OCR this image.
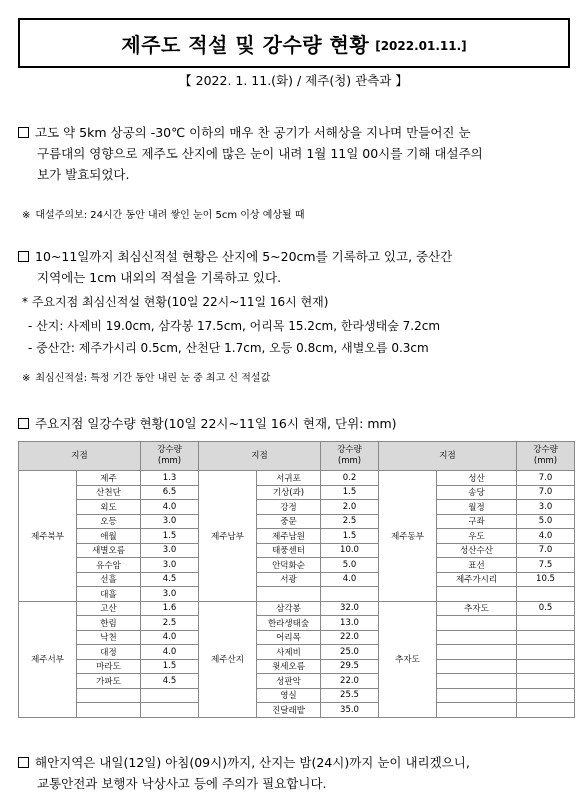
제주도 적설 및 강수량 현황 [2022.01.11.]
【 2022. 1. 11.(화) / 제주(청) 관측과 】
고도 약 5km 상공의 -30℃ 이하의 매우 찬 공기가 서해상을 지나며 만들어진 눈
구름대의 영향으로 제주도 산지에 많은 눈이 내려 1월 11일 00시를 기해 대설주의
보가 발효되었다.
※ 대설주의보: 24시간 동안 내려 쌓인 눈이 5cm 이상 예상될 때
10~11일까지 최심신적설 현황은 산지에 5~20cm를 기록하고 있고, 중산간
지역에는 1cm 내외의 적설을 기록하고 있다.
* 주요지점 최심신적설 현황(10일 22시~11일 16시 현재)
- 산지: 사제비 19.0cm, 삼각봉 17.5cm, 어리목 15.2cm, 한라생태숲 7.2cm
- 중산간: 제주가시리 0.5cm, 산천단 1.7cm, 오등 0.8cm, 새별오름 0.3cm
※ 최심신적설: 특정 기간 동안 내린 눈 중 최고 신 적설값
주요지점 일강수량 현황(10일 22시~11일 16시 현재, 단위: mm)
지점		강수량
(mm)	지점		강수량
(mm)	지점		강수량
(mm)
제주북부	제주	1.3	제주남부	서귀포	0.2	제주동부	성산	7.0
	산천단	6.5		기상(과)	1.5		송당	7.0
	외도	4.0		강정	2.0		월정	3.0
	오등	3.0		중문	2.5		구좌	5.0
	애월	1.5		제주남원	1.5		우도	4.0
	새별오름	3.0		태풍센터	10.0		성산수산	7.0
	유수암	3.0		안덕화순	5.0		표선	7.5
	선흘	4.5		서광	4.0		제주가시리	10.5
	대흘	3.0						
제주서부	고산	1.6	제주산지	삼각봉	32.0	추자도	추자도	0.5
	한림	2.5		한라생태숲	13.0			
	낙천	4.0		어리목	22.0			
	대정	4.0		사제비	25.0			
	마라도	1.5		윗세오름	29.5			
	가파도	4.5		성판악	22.0			
				영실	25.5			
				진달래밭	35.0			
해안지역은 내일(12일) 아침(09시)까지, 산지는 밤(24시)까지 눈이 내리겠으니,
교통안전과 보행자 낙상사고 등에 주의가 필요합니다.
